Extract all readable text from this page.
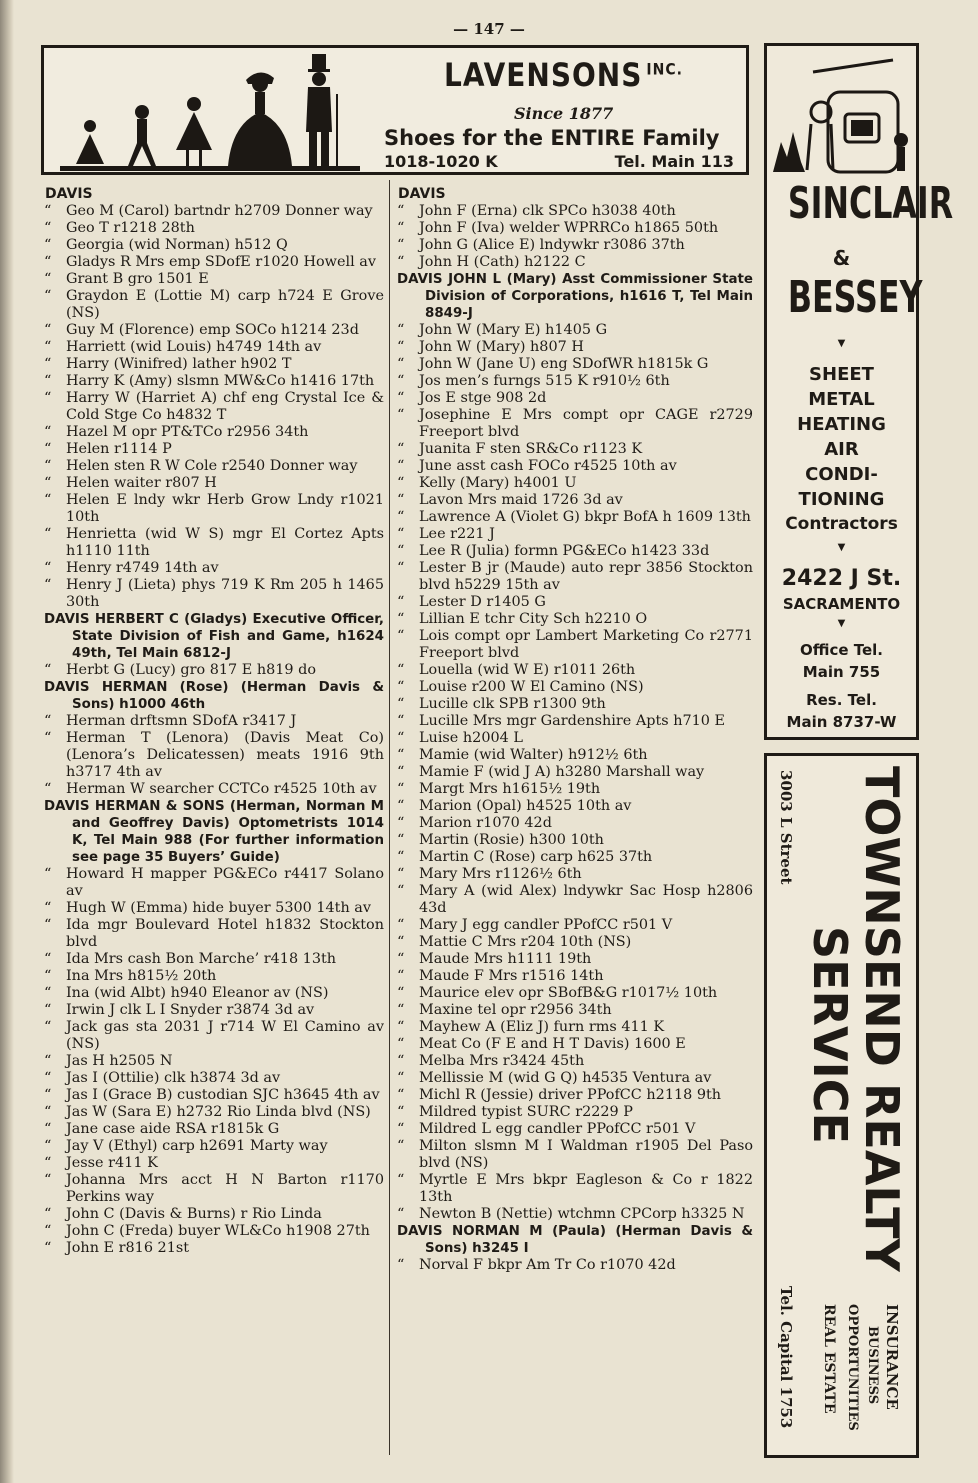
— 147 —
LAVENSONS $^{INC.}$
Since 1877
Shoes for the ENTIRE Family
1018-1020 K	Tel. Main 113
DAVIS

“ Geo M (Carol) bartndr h2709 Donner way

“ Geo T r1218 28th

“ Georgia (wid Norman) h512 Q

“ Gladys R Mrs emp SDofE r1020 Howell av

“ Grant B gro 1501 E

“ Graydon E (Lottie M) carp h724 E Grove (NS)

“ Guy M (Florence) emp SOCo h1214 23d

“ Harriett (wid Louis) h4749 14th av

“ Harry (Winifred) lather h902 T

“ Harry K (Amy) slsmn MW&Co h1416 17th

“ Harry W (Harriet A) chf eng Crystal Ice & Cold Stge Co h4832 T

“ Hazel M opr PT&TCo r2956 34th

“ Helen r1114 P

“ Helen sten R W Cole r2540 Donner way

“ Helen waiter r807 H

“ Helen E lndy wkr Herb Grow Lndy r1021 10th

“ Henrietta (wid W S) mgr El Cortez Apts h1110 11th

“ Henry r4749 14th av

“ Henry J (Lieta) phys 719 K Rm 205 h 1465 30th

DAVIS HERBERT C (Gladys) Executive Officer, State Division of Fish and Game, h1624 49th, Tel Main 6812-J

“ Herbt G (Lucy) gro 817 E h819 do

DAVIS HERMAN (Rose) (Herman Davis & Sons) h1000 46th

“ Herman drftsmn SDofA r3417 J

“ Herman T (Lenora) (Davis Meat Co) (Lenora’s Delicatessen) meats 1916 9th h3717 4th av

“ Herman W searcher CCTCo r4525 10th av

DAVIS HERMAN & SONS (Herman, Norman M and Geoffrey Davis) Optometrists 1014 K, Tel Main 988 (For further information see page 35 Buyers’ Guide)

“ Howard H mapper PG&ECo r4417 Solano av

“ Hugh W (Emma) hide buyer 5300 14th av

“ Ida mgr Boulevard Hotel h1832 Stockton blvd

“ Ida Mrs cash Bon Marche’ r418 13th

“ Ina Mrs h815½ 20th

“ Ina (wid Albt) h940 Eleanor av (NS)

“ Irwin J clk L I Snyder r3874 3d av

“ Jack gas sta 2031 J r714 W El Camino av (NS)

“ Jas H h2505 N

“ Jas I (Ottilie) clk h3874 3d av

“ Jas I (Grace B) custodian SJC h3645 4th av

“ Jas W (Sara E) h2732 Rio Linda blvd (NS)

“ Jane case aide RSA r1815k G

“ Jay V (Ethyl) carp h2691 Marty way

“ Jesse r411 K

“ Johanna Mrs acct H N Barton r1170 Perkins way

“ John C (Davis & Burns) r Rio Linda

“ John C (Freda) buyer WL&Co h1908 27th

“ John E r816 21st

DAVIS

“ John F (Erna) clk SPCo h3038 40th

“ John F (Iva) welder WPRRCo h1865 50th

“ John G (Alice E) lndywkr r3086 37th

“ John H (Cath) h2122 C

DAVIS JOHN L (Mary) Asst Commissioner State Division of Corporations, h1616 T, Tel Main 8849-J

“ John W (Mary E) h1405 G

“ John W (Mary) h807 H

“ John W (Jane U) eng SDofWR h1815k G

“ Jos men’s furngs 515 K r910½ 6th

“ Jos E stge 908 2d

“ Josephine E Mrs compt opr CAGE r2729 Freeport blvd

“ Juanita F sten SR&Co r1123 K

“ June asst cash FOCo r4525 10th av

“ Kelly (Mary) h4001 U

“ Lavon Mrs maid 1726 3d av

“ Lawrence A (Violet G) bkpr BofA h 1609 13th

“ Lee r221 J

“ Lee R (Julia) formn PG&ECo h1423 33d

“ Lester B jr (Maude) auto repr 3856 Stockton blvd h5229 15th av

“ Lester D r1405 G

“ Lillian E tchr City Sch h2210 O

“ Lois compt opr Lambert Marketing Co r2771 Freeport blvd

“ Louella (wid W E) r1011 26th

“ Louise r200 W El Camino (NS)

“ Lucille clk SPB r1300 9th

“ Lucille Mrs mgr Gardenshire Apts h710 E

“ Luise h2004 L

“ Mamie (wid Walter) h912½ 6th

“ Mamie F (wid J A) h3280 Marshall way

“ Margt Mrs h1615½ 19th

“ Marion (Opal) h4525 10th av

“ Marion r1070 42d

“ Martin (Rosie) h300 10th

“ Martin C (Rose) carp h625 37th

“ Mary Mrs r1126½ 6th

“ Mary A (wid Alex) lndywkr Sac Hosp h2806 43d

“ Mary J egg candler PPofCC r501 V

“ Mattie C Mrs r204 10th (NS)

“ Maude Mrs h1111 19th

“ Maude F Mrs r1516 14th

“ Maurice elev opr SBofB&G r1017½ 10th

“ Maxine tel opr r2956 34th

“ Mayhew A (Eliz J) furn rms 411 K

“ Meat Co (F E and H T Davis) 1600 E

“ Melba Mrs r3424 45th

“ Mellissie M (wid G Q) h4535 Ventura av

“ Michl R (Jessie) driver PPofCC h2118 9th

“ Mildred typist SURC r2229 P

“ Mildred L egg candler PPofCC r501 V

“ Milton slsmn M I Waldman r1905 Del Paso blvd (NS)

“ Myrtle E Mrs bkpr Eagleson & Co r 1822 13th

“ Newton B (Nettie) wtchmn CPCorp h3325 N

DAVIS NORMAN M (Paula) (Herman Davis & Sons) h3245 I

“ Norval F bkpr Am Tr Co r1070 42d

SINCLAIR
&
BESSEY
▼
SHEET
METAL
HEATING
AIR
CONDI-
TIONING
Contractors
▼
2422 J St.
SACRAMENTO
▼
Office Tel.
Main 755
Res. Tel.
Main 8737-W
3003 L Street TOWNSEND REALTY
SERVICE
INSURANCE
BUSINESS
OPPORTUNITIES
REAL ESTATE
Tel. Capital 1753
